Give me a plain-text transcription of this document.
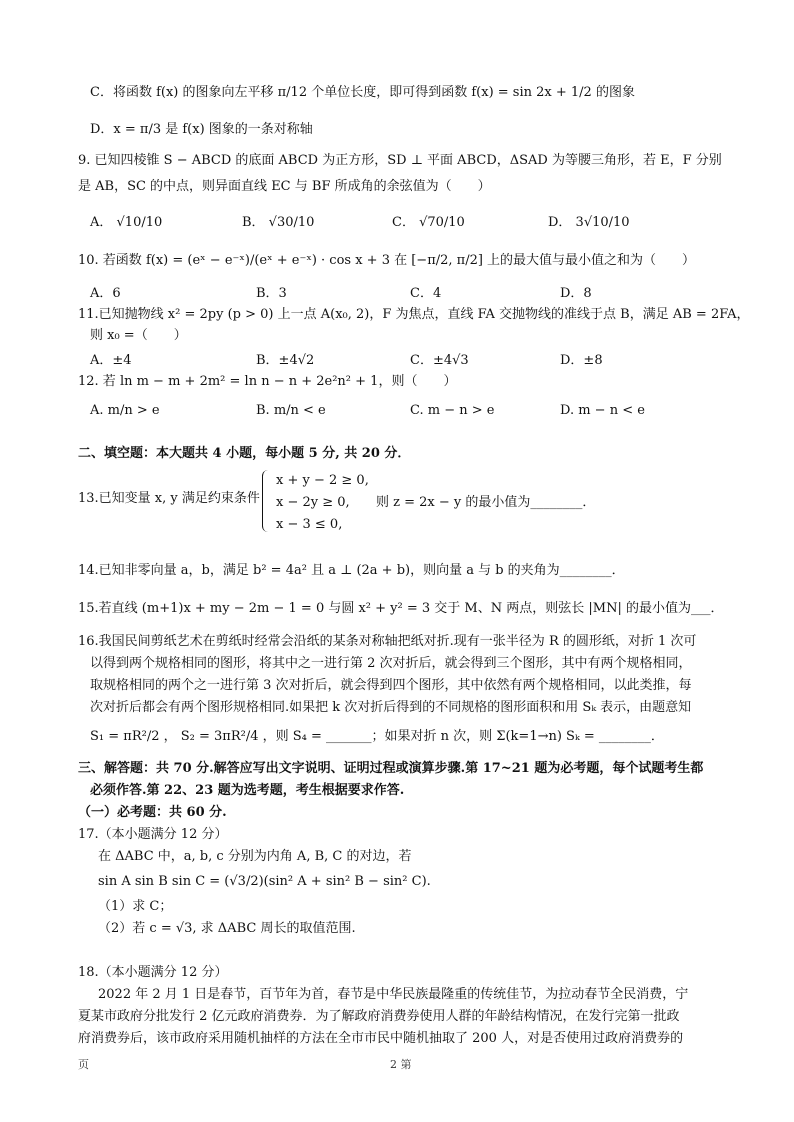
C．将函数 f(x) 的图象向左平移 π/12 个单位长度，即可得到函数 f(x) = sin 2x + 1/2 的图象
D．x = π/3 是 f(x) 图象的一条对称轴
9. 已知四棱锥 S − ABCD 的底面 ABCD 为正方形，SD ⊥ 平面 ABCD，ΔSAD 为等腰三角形，若 E，F 分别
是 AB，SC 的中点，则异面直线 EC 与 BF 所成角的余弦值为（　　）
A． √10/10	B． √30/10	C． √70/10	D． 3√10/10
10. 若函数 f(x) = (eˣ − e⁻ˣ)/(eˣ + e⁻ˣ) · cos x + 3 在 [−π/2, π/2] 上的最大值与最小值之和为（　　）
A．6	B．3	C．4	D．8
11.已知抛物线 x² = 2py (p > 0) 上一点 A(x₀, 2)，F 为焦点，直线 FA 交抛物线的准线于点 B，满足 AB = 2FA，
则 x₀ =（　　）
A．±4	B．±4√2	C．±4√3	D．±8
12. 若 ln m − m + 2m² = ln n − n + 2e²n² + 1，则（　　）
A. m/n > e	B. m/n < e	C. m − n > e	D. m − n < e
二、填空题：本大题共 4 小题，每小题 5 分, 共 20 分．
13.已知变量 x, y 满足约束条件
x + y − 2 ≥ 0,
x − 2y ≥ 0,
x − 3 ≤ 0,
则 z = 2x − y 的最小值为________．
14.已知非零向量 a，b，满足 b² = 4a² 且 a ⊥ (2a + b)，则向量 a 与 b 的夹角为________．
15.若直线 (m+1)x + my − 2m − 1 = 0 与圆 x² + y² = 3 交于 M、N 两点，则弦长 |MN| 的最小值为___．
16.我国民间剪纸艺术在剪纸时经常会沿纸的某条对称轴把纸对折.现有一张半径为 R 的圆形纸，对折 1 次可
以得到两个规格相同的图形，将其中之一进行第 2 次对折后，就会得到三个图形，其中有两个规格相同，
取规格相同的两个之一进行第 3 次对折后，就会得到四个图形，其中依然有两个规格相同，以此类推，每
次对折后都会有两个图形规格相同.如果把 k 次对折后得到的不同规格的图形面积和用 Sₖ 表示，由题意知
S₁ = πR²/2 ， S₂ = 3πR²/4 ，则 S₄ = _______；如果对折 n 次，则 Σ(k=1→n) Sₖ = ________．
三、解答题：共 70 分.解答应写出文字说明、证明过程或演算步骤.第 17~21 题为必考题，每个试题考生都
必须作答.第 22、23 题为选考题，考生根据要求作答.
（一）必考题：共 60 分.
17.（本小题满分 12 分）
在 ΔABC 中，a, b, c 分别为内角 A, B, C 的对边，若
sin A sin B sin C = (√3/2)(sin² A + sin² B − sin² C).
（1）求 C；
（2）若 c = √3, 求 ΔABC 周长的取值范围.
18.（本小题满分 12 分）
2022 年 2 月 1 日是春节，百节年为首，春节是中华民族最隆重的传统佳节，为拉动春节全民消费，宁
夏某市政府分批发行 2 亿元政府消费券．为了解政府消费券使用人群的年龄结构情况，在发行完第一批政
府消费券后，该市政府采用随机抽样的方法在全市市民中随机抽取了 200 人，对是否使用过政府消费券的
页	2 第
